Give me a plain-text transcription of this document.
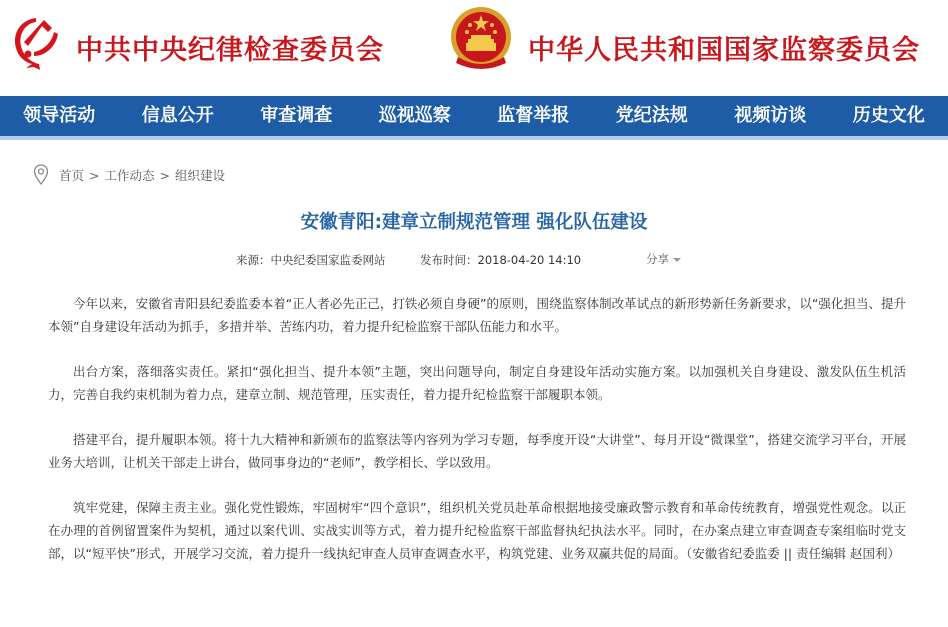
中共中央纪律检查委员会	中华人民共和国国家监察委员会
领导活动	信息公开	审查调查	巡视巡察	监督举报	党纪法规	视频访谈	历史文化
首页 > 工作动态 > 组织建设
安徽青阳:建章立制规范管理 强化队伍建设
来源：中央纪委国家监委网站	发布时间：2018-04-20 14:10	分享

今年以来，安徽省青阳县纪委监委本着“正人者必先正己，打铁必须自身硬”的原则，围绕监察体制改革试点的新形势新任务新要求，以“强化担当、提升本领”自身建设年活动为抓手，多措并举、苦练内功，着力提升纪检监察干部队伍能力和水平。

出台方案，落细落实责任。紧扣“强化担当、提升本领”主题，突出问题导向，制定自身建设年活动实施方案。以加强机关自身建设、激发队伍生机活力，完善自我约束机制为着力点，建章立制、规范管理，压实责任，着力提升纪检监察干部履职本领。

搭建平台，提升履职本领。将十九大精神和新颁布的监察法等内容列为学习专题，每季度开设“大讲堂”、每月开设“微课堂”，搭建交流学习平台，开展业务大培训，让机关干部走上讲台，做同事身边的“老师”，教学相长、学以致用。

筑牢党建，保障主责主业。强化党性锻炼，牢固树牢“四个意识”，组织机关党员赴革命根据地接受廉政警示教育和革命传统教育，增强党性观念。以正在办理的首例留置案件为契机，通过以案代训、实战实训等方式，着力提升纪检监察干部监督执纪执法水平。同时，在办案点建立审查调查专案组临时党支部，以“短平快”形式，开展学习交流，着力提升一线执纪审查人员审查调查水平，构筑党建、业务双赢共促的局面。（安徽省纪委监委 || 责任编辑 赵国利）
